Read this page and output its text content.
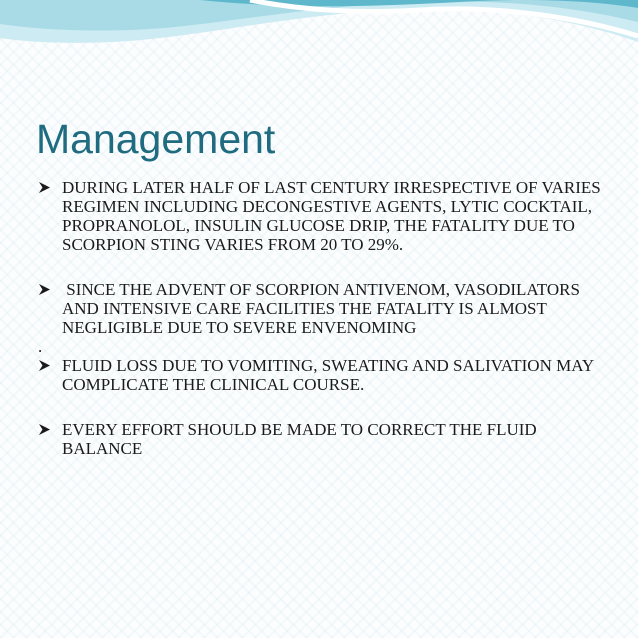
Management
DURING LATER HALF OF LAST CENTURY IRRESPECTIVE OF VARIES REGIMEN INCLUDING DECONGESTIVE AGENTS, LYTIC COCKTAIL, PROPRANOLOL, INSULIN GLUCOSE DRIP, THE FATALITY DUE TO SCORPION STING VARIES FROM 20 TO 29%.
SINCE THE ADVENT OF SCORPION ANTIVENOM, VASODILATORS AND INTENSIVE CARE FACILITIES THE FATALITY IS ALMOST NEGLIGIBLE DUE TO SEVERE ENVENOMING
.
FLUID LOSS DUE TO VOMITING, SWEATING AND SALIVATION MAY COMPLICATE THE CLINICAL COURSE.
EVERY EFFORT SHOULD BE MADE TO CORRECT THE FLUID BALANCE
